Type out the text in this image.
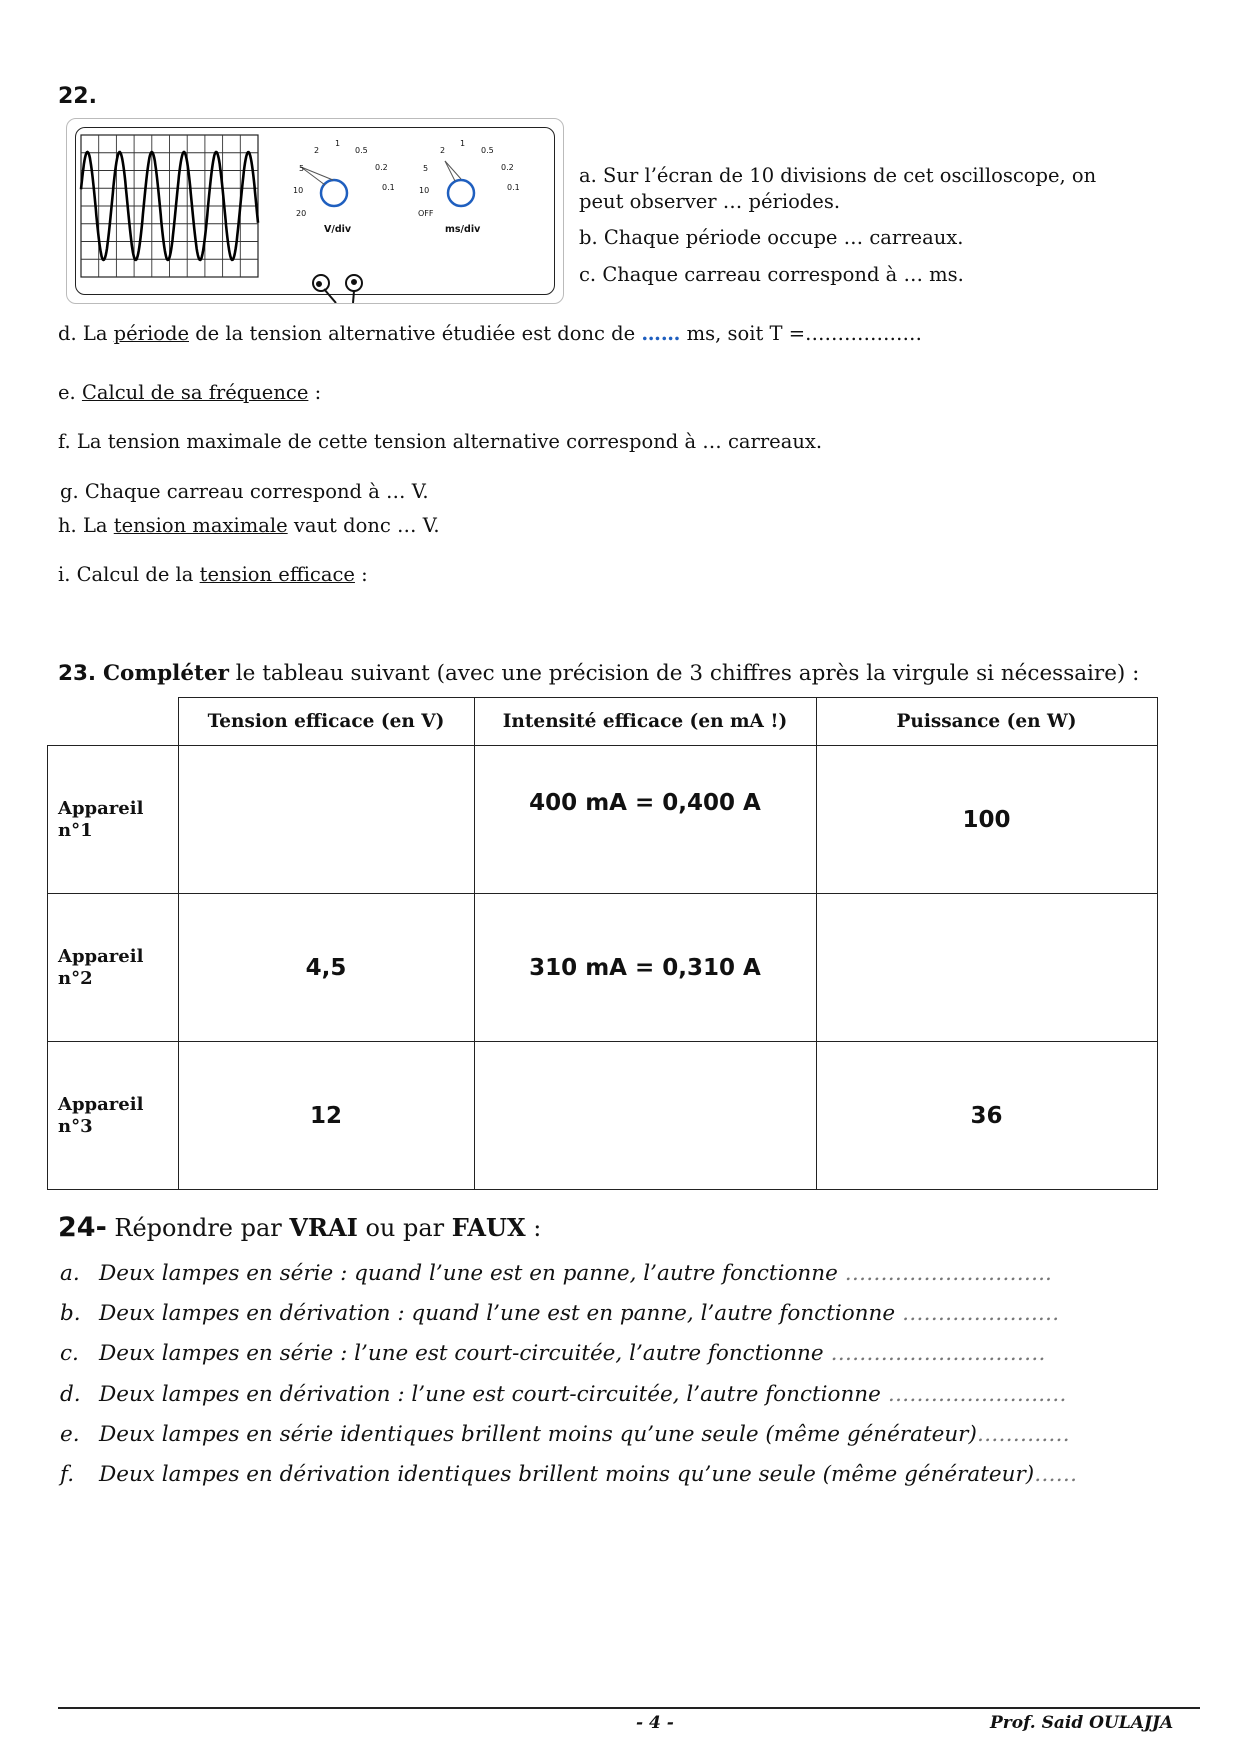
22.
1
0.5
0.2
0.1
2
5
10
20
V/div
1
0.5
0.2
0.1
2
5
10
OFF
ms/div
a. Sur l’écran de 10 divisions de cet oscilloscope, on
peut observer … périodes.
b. Chaque période occupe … carreaux.
c. Chaque carreau correspond à … ms.
d. La période de la tension alternative étudiée est donc de …… ms, soit T =………………
e. Calcul de sa fréquence :
f. La tension maximale de cette tension alternative correspond à … carreaux.
g. Chaque carreau correspond à … V.
h. La tension maximale vaut donc … V.
i. Calcul de la tension efficace :
23. Compléter le tableau suivant (avec une précision de 3 chiffres après la virgule si nécessaire) :
	Tension efficace (en V)	Intensité efficace (en mA !)	Puissance (en W)
Appareil
n°1		400 mA = 0,400 A	100
Appareil
n°2	4,5	310 mA = 0,310 A	
Appareil
n°3	12		36
24- Répondre par VRAI ou par FAUX :
a. Deux lampes en série : quand l’une est en panne, l’autre fonctionne ………………………..
b. Deux lampes en dérivation : quand l’une est en panne, l’autre fonctionne ……………….…
c. Deux lampes en série : l’une est court-circuitée, l’autre fonctionne …………………………
d. Deux lampes en dérivation : l’une est court-circuitée, l’autre fonctionne ………………….…
e. Deux lampes en série identiques brillent moins qu’une seule (même générateur)……….…
f. Deux lampes en dérivation identiques brillent moins qu’une seule (même générateur)……
- 4 -	Prof. Said OULAJJA
